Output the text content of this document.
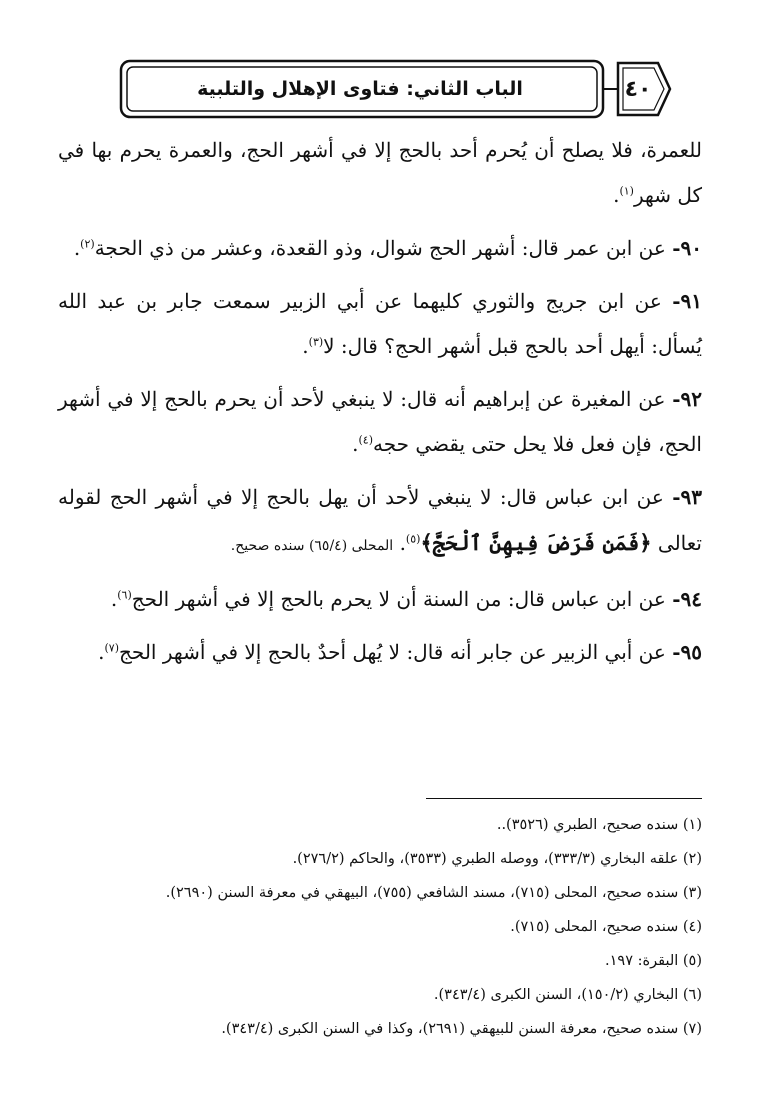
الباب الثاني: فتاوى الإهلال والتلبية	٤٠

للعمرة، فلا يصلح أن يُحرم أحد بالحج إلا في أشهر الحج، والعمرة يحرم بها في كل شهر$^{(١)}$.

٩٠- عن ابن عمر قال: أشهر الحج شوال، وذو القعدة، وعشر من ذي الحجة$^{(٢)}$.

٩١- عن ابن جريج والثوري كليهما عن أبي الزبير سمعت جابر بن عبد الله يُسأل: أيهل أحد بالحج قبل أشهر الحج؟ قال: لا$^{(٣)}$.

٩٢- عن المغيرة عن إبراهيم أنه قال: لا ينبغي لأحد أن يحرم بالحج إلا في أشهر الحج، فإن فعل فلا يحل حتى يقضي حجه$^{(٤)}$.

٩٣- عن ابن عباس قال: لا ينبغي لأحد أن يهل بالحج إلا في أشهر الحج لقوله تعالى ﴿فَمَن فَرَضَ فِيهِنَّ ٱلْحَجَّ﴾$^{(٥)}$. المحلى (٦٥/٤) سنده صحيح.

٩٤- عن ابن عباس قال: من السنة أن لا يحرم بالحج إلا في أشهر الحج$^{(٦)}$.

٩٥- عن أبي الزبير عن جابر أنه قال: لا يُهل أحدٌ بالحج إلا في أشهر الحج$^{(٧)}$.

(١) سنده صحيح، الطبري (٣٥٢٦)..
(٢) علقه البخاري (٣٣٣/٣)، ووصله الطبري (٣٥٣٣)، والحاكم (٢٧٦/٢).
(٣) سنده صحيح، المحلى (٧١٥)، مسند الشافعي (٧٥٥)، البيهقي في معرفة السنن (٢٦٩٠).
(٤) سنده صحيح، المحلى (٧١٥).
(٥) البقرة: ١٩٧.
(٦) البخاري (١٥٠/٢)، السنن الكبرى (٣٤٣/٤).
(٧) سنده صحيح، معرفة السنن للبيهقي (٢٦٩١)، وكذا في السنن الكبرى (٣٤٣/٤).
